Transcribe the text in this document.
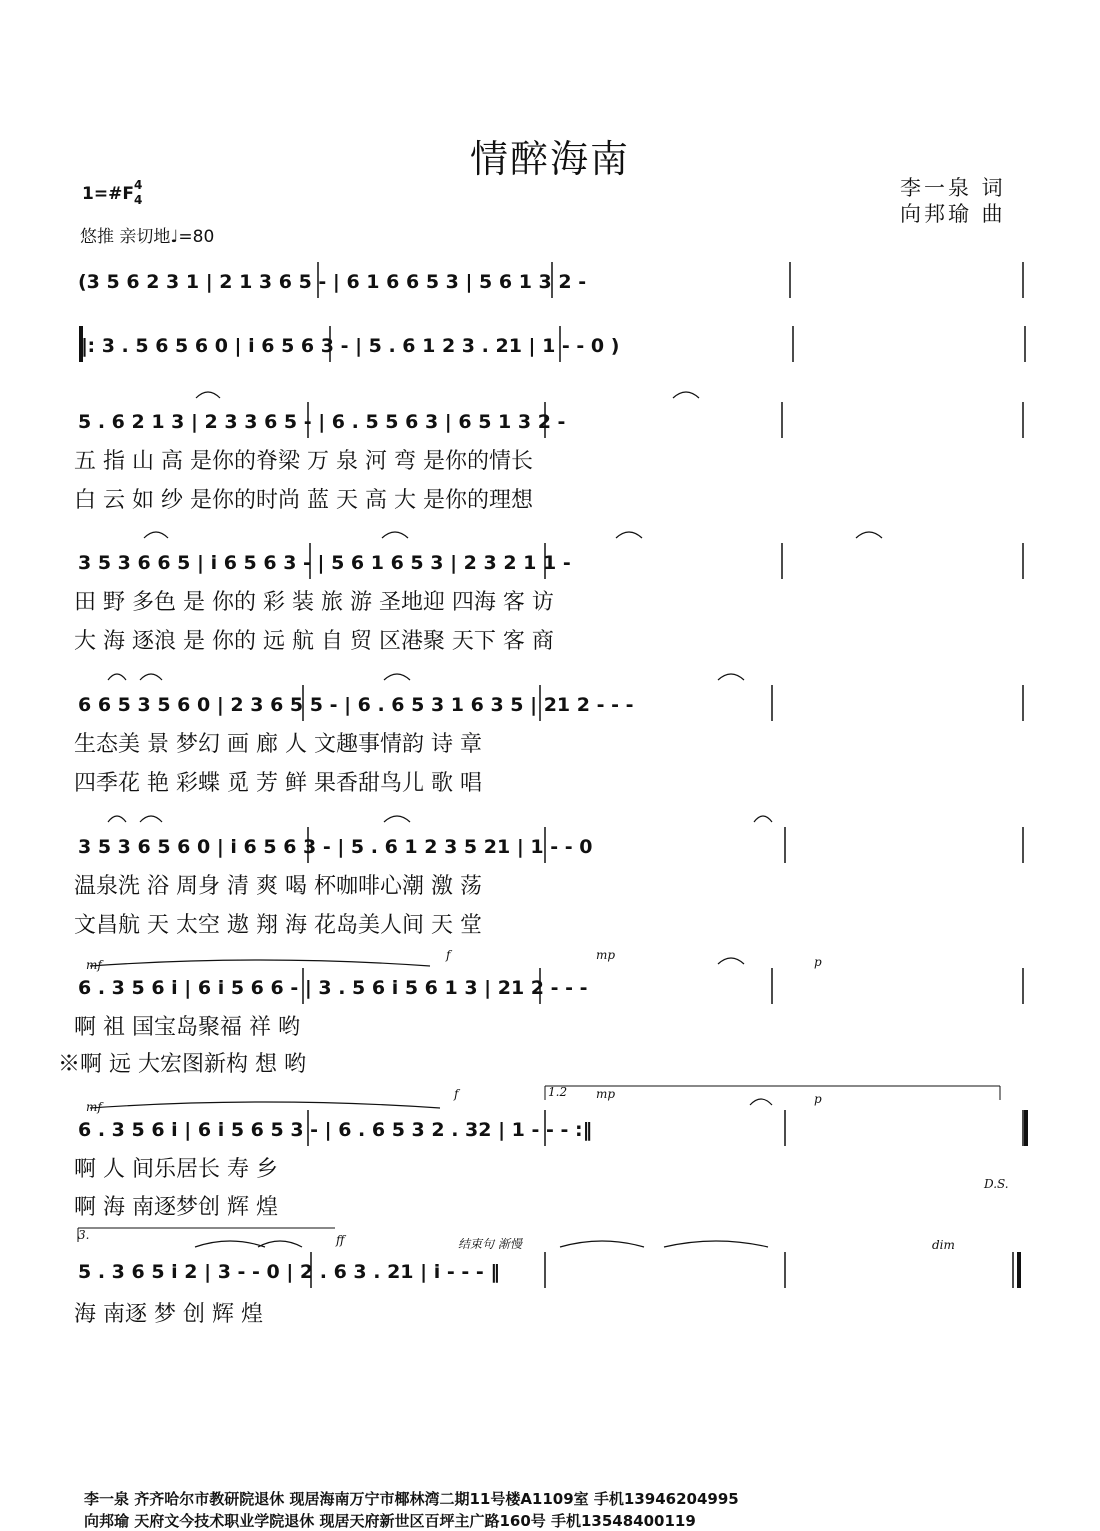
情醉海南
1=#F 4
4
悠推 亲切地♩=80
李一泉 词
向邦瑜 曲
(3 5 6 2 3 1 | 2 1 3 6 5 - | 6 1 6 6 5 3 | 5 6 1 3 2 -
‖: 3 . 5 6 5 6 0 | i 6 5 6 3 - | 5 . 6 1 2 3 . 21 | 1 - - 0 )
5 . 6 2 1 3 | 2 3 3 6 5 - | 6 . 5 5 6 3 | 6 5 1 3 2 -
五 指 山 高 是你的脊梁 万 泉 河 弯 是你的情长
白 云 如 纱 是你的时尚 蓝 天 高 大 是你的理想
3 5 3 6 6 5 | i 6 5 6 3 - | 5 6 1 6 5 3 | 2 3 2 1 1 -
田 野 多色 是 你的 彩 装 旅 游 圣地迎 四海 客 访
大 海 逐浪 是 你的 远 航 自 贸 区港聚 天下 客 商
6 6 5 3 5 6 0 | 2 3 6 5 5 - | 6 . 6 5 3 1 6 3 5 | 21 2 - - -
生态美 景 梦幻 画 廊 人 文趣事情韵 诗 章
四季花 艳 彩蝶 觅 芳 鲜 果香甜鸟儿 歌 唱
3 5 3 6 5 6 0 | i 6 5 6 3 - | 5 . 6 1 2 3 5 21 | 1 - - 0
温泉洗 浴 周身 清 爽 喝 杯咖啡心潮 激 荡
文昌航 天 太空 遨 翔 海 花岛美人间 天 堂
6 . 3 5 6 i | 6 i 5 6 6 - | 3 . 5 6 i 5 6 1 3 | 21 2 - - -
啊 祖 国宝岛聚福 祥 哟
※啊 远 大宏图新构 想 哟
6 . 3 5 6 i | 6 i 5 6 5 3 - | 6 . 6 5 3 2 . 32 | 1 - - - :‖
啊 人 间乐居长 寿 乡
啊 海 南逐梦创 辉 煌
5 . 3 6 5 i 2 | 3 - - 0 | 2 . 6 3 . 21 | i - - - ‖
海 南逐 梦 创 辉 煌
mf
f	mp	p
mf
f	1.2 mp	p
D.S.
3.	ff	结束句 渐慢	dim
李一泉 齐齐哈尔市教研院退休 现居海南万宁市椰林湾二期11号楼A1109室 手机13946204995
向邦瑜 天府文今技术职业学院退休 现居天府新世区百坪主广路160号 手机13548400119
